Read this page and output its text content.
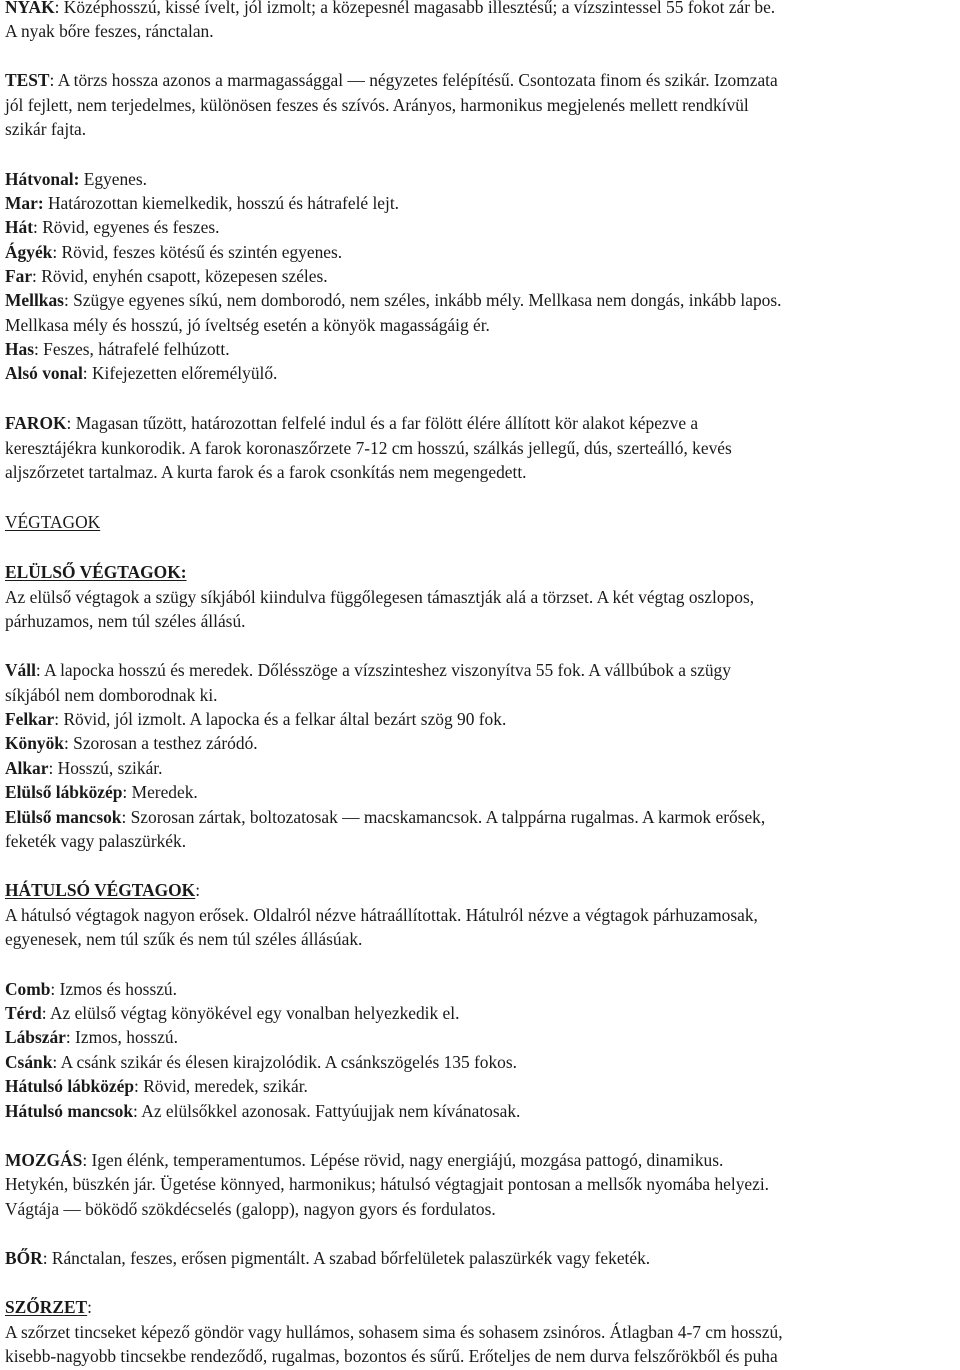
NYAK: Középhosszú, kissé ívelt, jól izmolt; a közepesnél magasabb illesztésű; a vízszintessel 55 fokot zár be.
A nyak bőre feszes, ránctalan.
TEST: A törzs hossza azonos a marmagassággal — négyzetes felépítésű. Csontozata finom és szikár. Izomzata
jól fejlett, nem terjedelmes, különösen feszes és szívós. Arányos, harmonikus megjelenés mellett rendkívül
szikár fajta.
Hátvonal: Egyenes.
Mar: Határozottan kiemelkedik, hosszú és hátrafelé lejt.
Hát: Rövid, egyenes és feszes.
Ágyék: Rövid, feszes kötésű és szintén egyenes.
Far: Rövid, enyhén csapott, közepesen széles.
Mellkas: Szügye egyenes síkú, nem domborodó, nem széles, inkább mély. Mellkasa nem dongás, inkább lapos.
Mellkasa mély és hosszú, jó íveltség esetén a könyök magasságáig ér.
Has: Feszes, hátrafelé felhúzott.
Alsó vonal: Kifejezetten előremélyülő.
FAROK: Magasan tűzött, határozottan felfelé indul és a far fölött élére állított kör alakot képezve a
keresztájékra kunkorodik. A farok koronaszőrzete 7-12 cm hosszú, szálkás jellegű, dús, szerteálló, kevés
aljszőrzetet tartalmaz. A kurta farok és a farok csonkítás nem megengedett.
VÉGTAGOK
ELÜLSŐ VÉGTAGOK:
Az elülső végtagok a szügy síkjából kiindulva függőlegesen támasztják alá a törzset. A két végtag oszlopos,
párhuzamos, nem túl széles állású.
Váll: A lapocka hosszú és meredek. Dőlésszöge a vízszinteshez viszonyítva 55 fok. A vállbúbok a szügy
síkjából nem domborodnak ki.
Felkar: Rövid, jól izmolt. A lapocka és a felkar által bezárt szög 90 fok.
Könyök: Szorosan a testhez záródó.
Alkar: Hosszú, szikár.
Elülső lábközép: Meredek.
Elülső mancsok: Szorosan zártak, boltozatosak — macskamancsok. A talppárna rugalmas. A karmok erősek,
feketék vagy palaszürkék.
HÁTULSÓ VÉGTAGOK:
A hátulsó végtagok nagyon erősek. Oldalról nézve hátraállítottak. Hátulról nézve a végtagok párhuzamosak,
egyenesek, nem túl szűk és nem túl széles állásúak.
Comb: Izmos és hosszú.
Térd: Az elülső végtag könyökével egy vonalban helyezkedik el.
Lábszár: Izmos, hosszú.
Csánk: A csánk szikár és élesen kirajzolódik. A csánkszögelés 135 fokos.
Hátulsó lábközép: Rövid, meredek, szikár.
Hátulsó mancsok: Az elülsőkkel azonosak. Fattyúujjak nem kívánatosak.
MOZGÁS: Igen élénk, temperamentumos. Lépése rövid, nagy energiájú, mozgása pattogó, dinamikus.
Hetykén, büszkén jár. Ügetése könnyed, harmonikus; hátulsó végtagjait pontosan a mellsők nyomába helyezi.
Vágtája — böködő szökdécselés (galopp), nagyon gyors és fordulatos.
BŐR: Ránctalan, feszes, erősen pigmentált. A szabad bőrfelületek palaszürkék vagy feketék.
SZŐRZET:
A szőrzet tincseket képező göndör vagy hullámos, sohasem sima és sohasem zsinóros. Átlagban 4-7 cm hosszú,
kisebb-nagyobb tincsekbe rendeződő, rugalmas, bozontos és sűrű. Erőteljes de nem durva felszőrökből és puha
